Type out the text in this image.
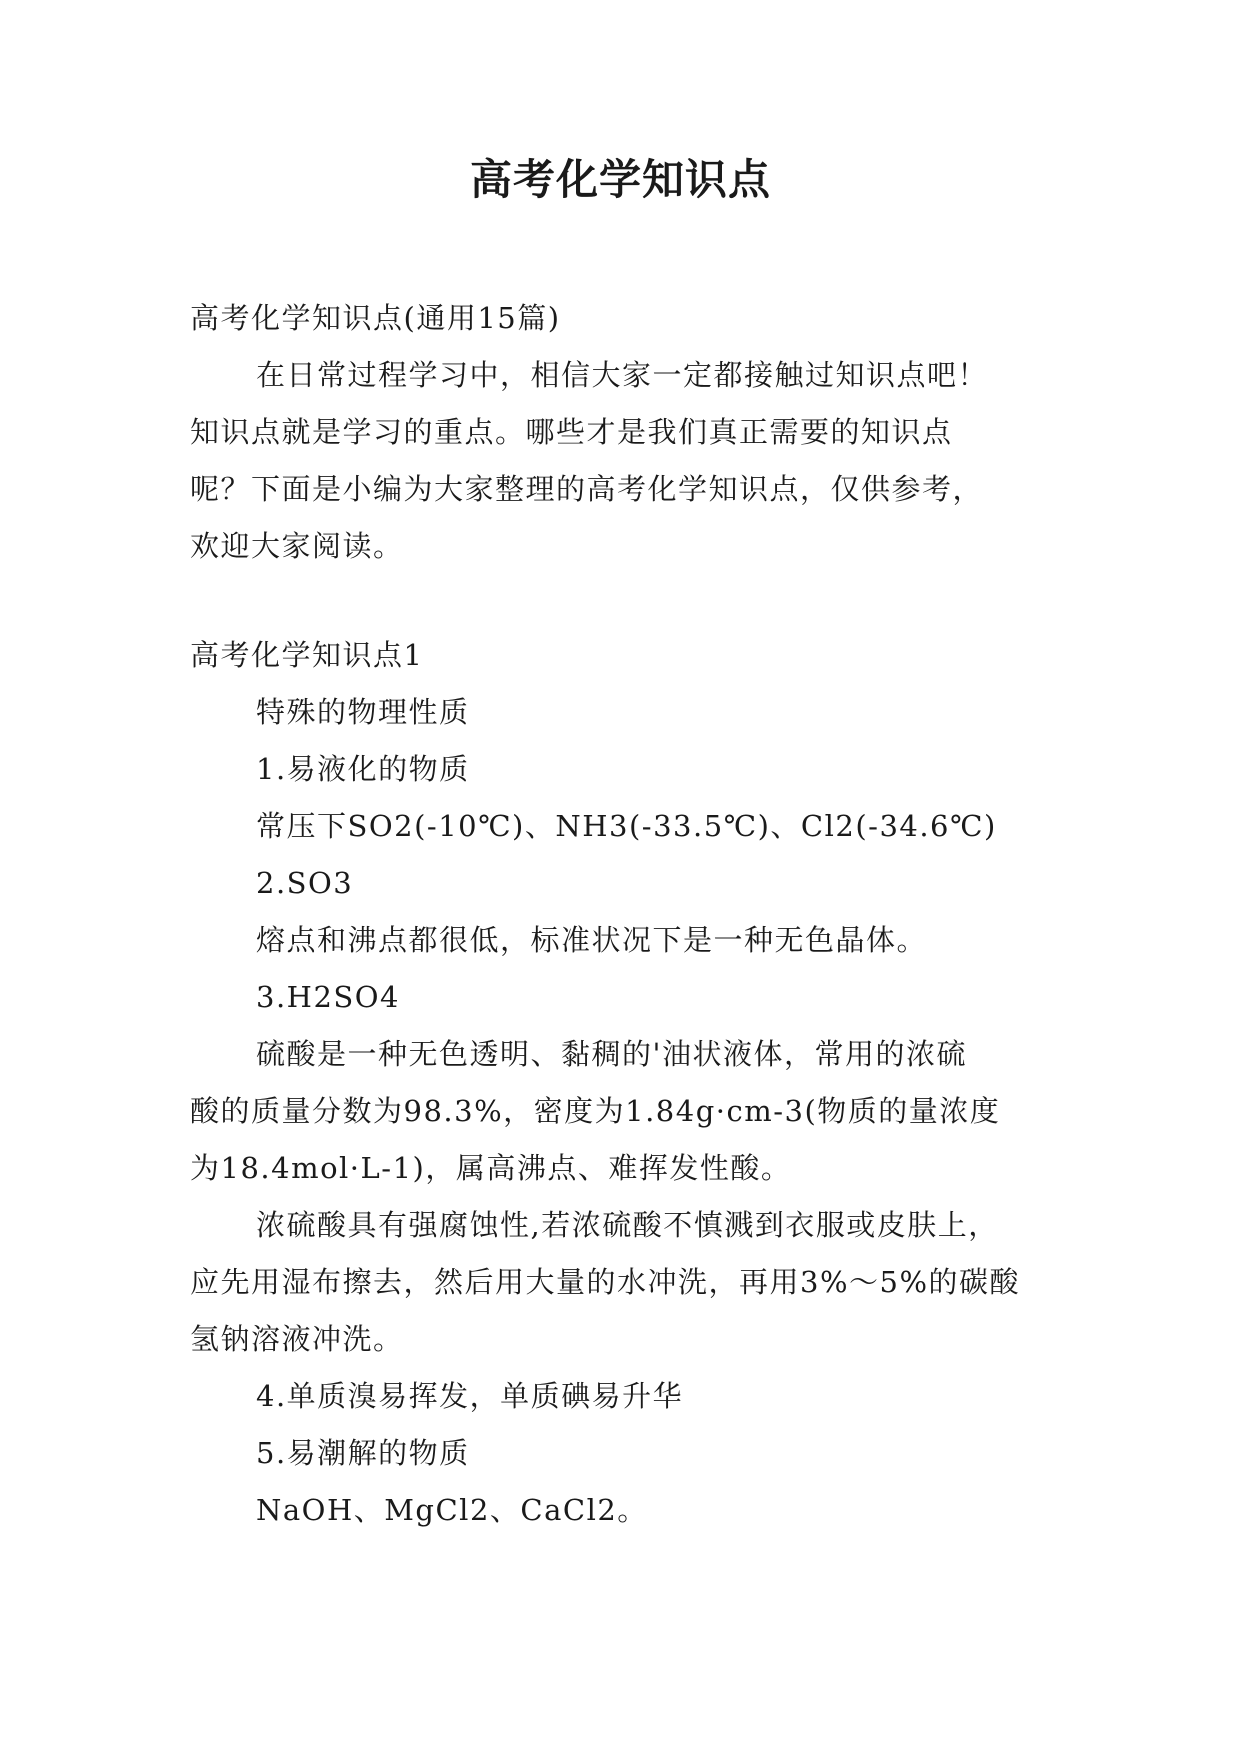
高考化学知识点

高考化学知识点(通用15篇)

在日常过程学习中，相信大家一定都接触过知识点吧！

知识点就是学习的重点。哪些才是我们真正需要的知识点

呢？下面是小编为大家整理的高考化学知识点，仅供参考，

欢迎大家阅读。

高考化学知识点1

特殊的物理性质

1.易液化的物质

常压下SO2(-10℃)、NH3(-33.5℃)、Cl2(-34.6℃)

2.SO3

熔点和沸点都很低，标准状况下是一种无色晶体。

3.H2SO4

硫酸是一种无色透明、黏稠的'油状液体，常用的浓硫

酸的质量分数为98.3%，密度为1.84g·cm-3(物质的量浓度

为18.4mol·L-1)，属高沸点、难挥发性酸。

浓硫酸具有强腐蚀性,若浓硫酸不慎溅到衣服或皮肤上，

应先用湿布擦去，然后用大量的水冲洗，再用3%～5%的碳酸

氢钠溶液冲洗。

4.单质溴易挥发，单质碘易升华

5.易潮解的物质

NaOH、MgCl2、CaCl2。
